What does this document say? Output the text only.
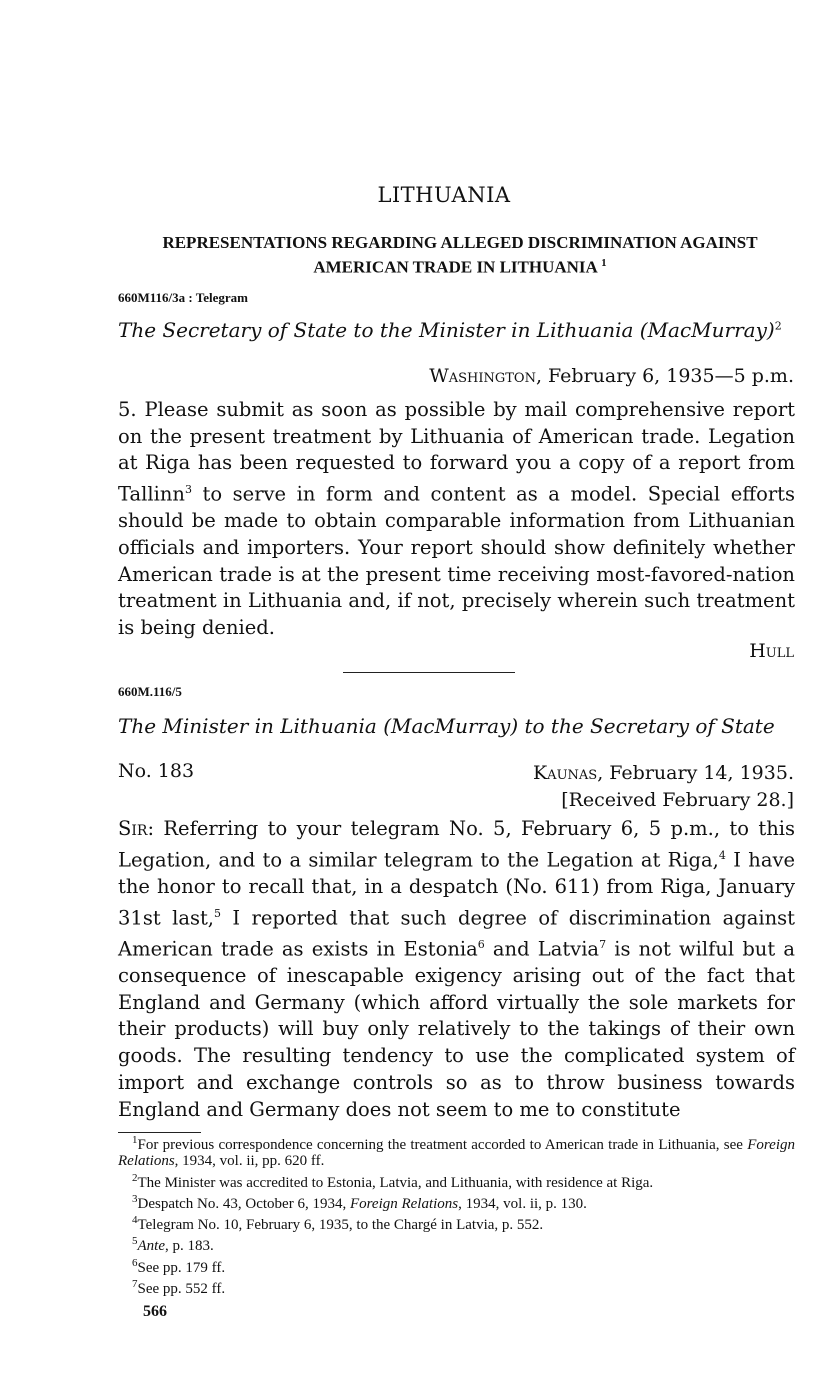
LITHUANIA
REPRESENTATIONS REGARDING ALLEGED DISCRIMINATION AGAINST
AMERICAN TRADE IN LITHUANIA $^1$
660M116/3a : Telegram
The Secretary of State to the Minister in Lithuania (MacMurray)$^2$
Washington, February 6, 1935—5 p.m.

5. Please submit as soon as possible by mail comprehensive report on the present treatment by Lithuania of American trade. Legation at Riga has been requested to forward you a copy of a report from Tallinn$^3$ to serve in form and content as a model. Special efforts should be made to obtain comparable information from Lithuanian officials and importers. Your report should show definitely whether American trade is at the present time receiving most-favored-nation treatment in Lithuania and, if not, precisely wherein such treatment is being denied.

Hull
660M.116/5
The Minister in Lithuania (MacMurray) to the Secretary of State
No. 183	Kaunas, February 14, 1935.
[Received February 28.]

Sir: Referring to your telegram No. 5, February 6, 5 p.m., to this Legation, and to a similar telegram to the Legation at Riga,$^4$ I have the honor to recall that, in a despatch (No. 611) from Riga, January 31st last,$^5$ I reported that such degree of discrimination against American trade as exists in Estonia$^6$ and Latvia$^7$ is not wilful but a consequence of inescapable exigency arising out of the fact that England and Germany (which afford virtually the sole markets for their products) will buy only relatively to the takings of their own goods. The resulting tendency to use the complicated system of import and exchange controls so as to throw business towards England and Germany does not seem to me to constitute

$^1$For previous correspondence concerning the treatment accorded to American trade in Lithuania, see Foreign Relations, 1934, vol. ii, pp. 620 ff.

$^2$The Minister was accredited to Estonia, Latvia, and Lithuania, with residence at Riga.

$^3$Despatch No. 43, October 6, 1934, Foreign Relations, 1934, vol. ii, p. 130.

$^4$Telegram No. 10, February 6, 1935, to the Chargé in Latvia, p. 552.

$^5$Ante, p. 183.

$^6$See pp. 179 ff.

$^7$See pp. 552 ff.

566
